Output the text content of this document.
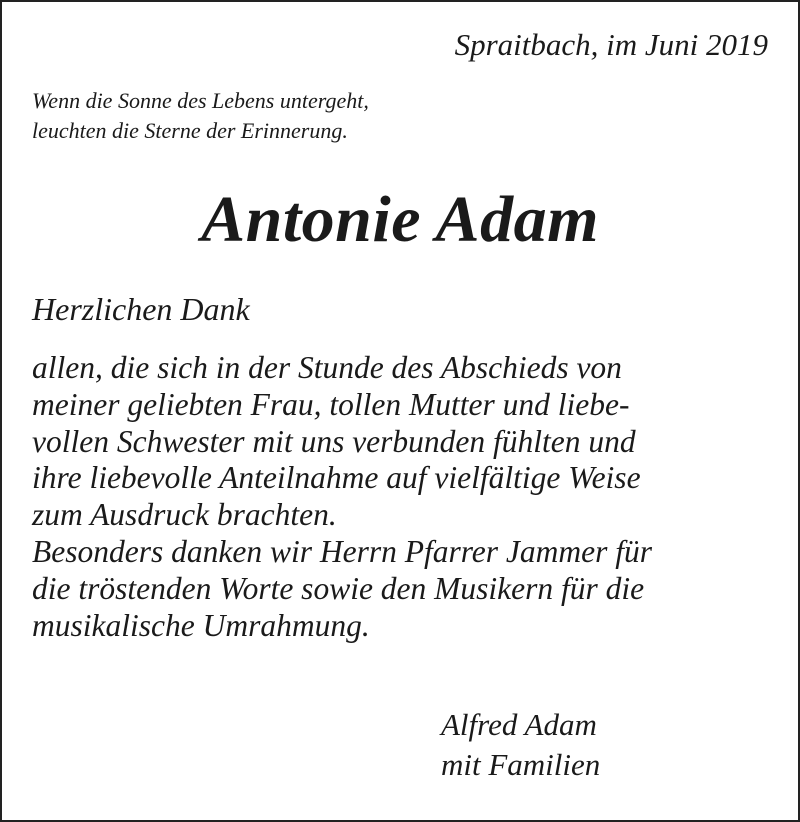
Spraitbach, im Juni 2019
Wenn die Sonne des Lebens untergeht,
leuchten die Sterne der Erinnerung.
Antonie Adam
Herzlichen Dank
allen, die sich in der Stunde des Abschieds von
meiner geliebten Frau, tollen Mutter und liebe-
vollen Schwester mit uns verbunden fühlten und
ihre liebevolle Anteilnahme auf vielfältige Weise
zum Ausdruck brachten.
Besonders danken wir Herrn Pfarrer Jammer für
die tröstenden Worte sowie den Musikern für die
musikalische Umrahmung.
Alfred Adam
mit Familien
